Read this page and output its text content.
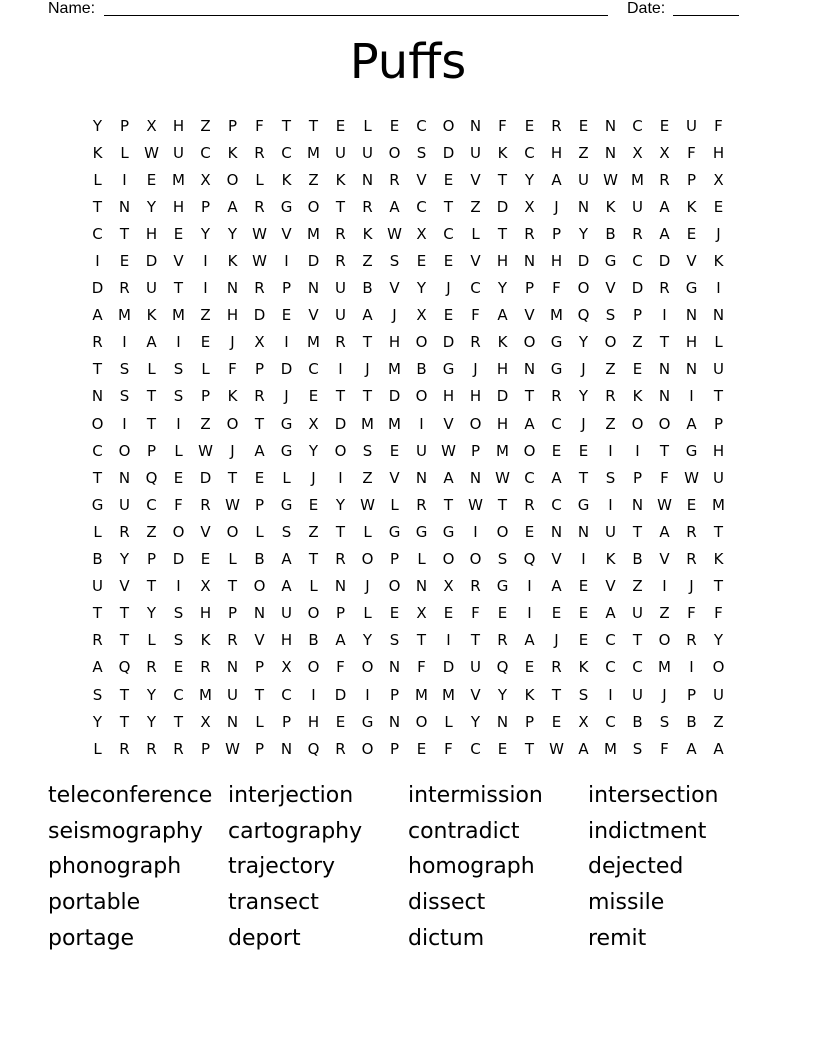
Name:	Date:
Puffs
Y	P	X	H	Z	P	F	T	T	E	L	E	C	O	N	F	E	R	E	N	C	E	U	F
K	L	W U	C	K	R	C	M	U	U	O	S	D	U	K	C	H	Z	N	X	X	F	H
L	I	E	M	X	O	L	K	Z	K	N	R	V	E	V	T	Y	A	U W M	R	P	X
T	N	Y	H	P	A	R	G	O	T	R	A	C	T	Z	D	X	J	N	K	U	A	K	E
C	T	H	E	Y	Y	W V	M	R	K W X	C	L	T	R	P	Y	B	R	A	E	J
I	E	D	V	I	K W	I	D	R	Z	S	E	E	V	H	N	H	D	G	C	D	V	K
D	R	U	T	I	N	R	P	N	U	B	V	Y	J	C	Y	P	F	O	V	D	R	G	I
A	M	K	M	Z	H	D	E	V	U	A	J	X	E	F	A	V	M Q	S	P	I	N	N
R	I	A	I	E	J	X	I	M	R	T	H	O	D	R	K	O	G	Y	O	Z	T	H	L
T	S	L	S	L	F	P	D	C	I	J	M	B	G	J	H	N	G	J	Z	E	N	N	U
N	S	T	S	P	K	R	J	E	T	T	D	O	H	H	D	T	R	Y	R	K	N	I	T
O	I	T	I	Z	O	T	G	X	D M M	I	V	O	H	A	C	J	Z	O	O	A	P
C	O	P	L	W	J	A	G	Y	O	S	E	U W	P	M O	E	E	I	I	T	G	H
T	N	Q	E	D	T	E	L	J	I	Z	V	N	A	N W C	A	T	S	P	F	W U
G	U	C	F	R W	P	G	E	Y	W	L	R	T	W T	R	C	G	I	N W E	M
L	R	Z	O	V	O	L	S	Z	T	L	G	G	G	I	O	E	N	N	U	T	A	R	T
B	Y	P	D	E	L	B	A	T	R	O	P	L	O	O	S	Q	V	I	K	B	V	R	K
U	V	T	I	X	T	O	A	L	N	J	O	N	X	R	G	I	A	E	V	Z	I	J	T
T	T	Y	S	H	P	N	U	O	P	L	E	X	E	F	E	I	E	E	A	U	Z	F	F
R	T	L	S	K	R	V	H	B	A	Y	S	T	I	T	R	A	J	E	C	T	O	R	Y
A	Q	R	E	R	N	P	X	O	F	O	N	F	D	U	Q	E	R	K	C	C	M	I	O
S	T	Y	C	M	U	T	C	I	D	I	P	M M	V	Y	K	T	S	I	U	J	P	U
Y	T	Y	T	X	N	L	P	H	E	G	N	O	L	Y	N	P	E	X	C	B	S	B	Z
L	R	R	R	P	W	P	N	Q	R	O	P	E	F	C	E	T	W A	M	S	F	A	A
teleconference interjection	intermission	intersection
seismography	cartography	contradict	indictment
phonograph	trajectory	homograph	dejected
portable	transect	dissect	missile
portage	deport	dictum	remit
